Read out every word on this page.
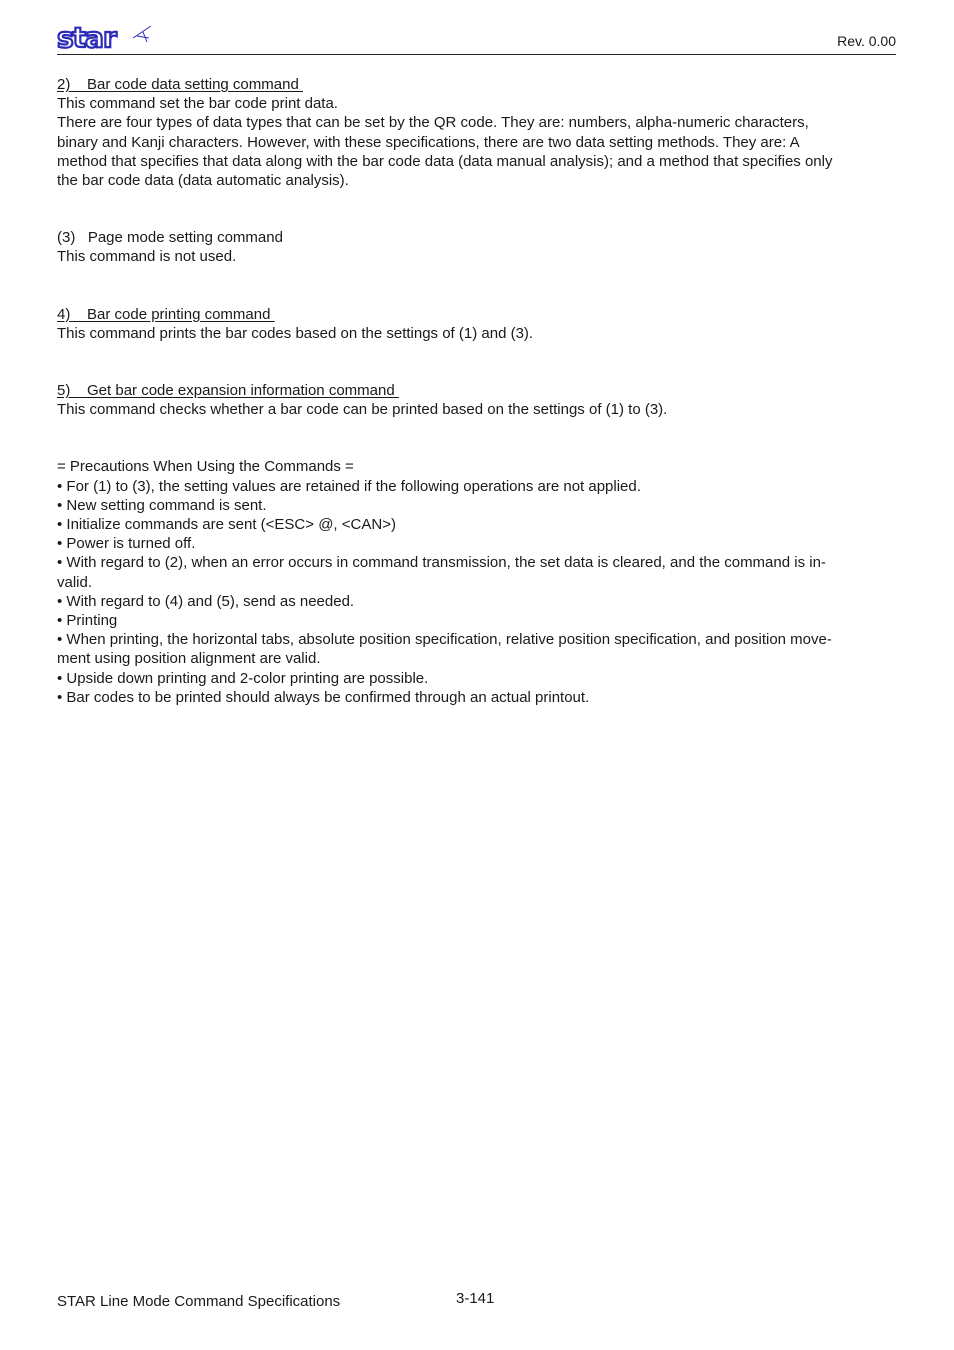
star	Rev. 0.00

2)    Bar code data setting command

This command set the bar code print data.

There are four types of data types that can be set by the QR code. They are: numbers, alpha-numeric characters,

binary and Kanji characters. However, with these specifications, there are two data setting methods. They are: A

method that specifies that data along with the bar code data (data manual analysis); and a method that specifies only

the bar code data (data automatic analysis).

(3)   Page mode setting command

This command is not used.

4)    Bar code printing command

This command prints the bar codes based on the settings of (1) and (3).

5)    Get bar code expansion information command

This command checks whether a bar code can be printed based on the settings of (1) to (3).

= Precautions When Using the Commands =

• For (1) to (3), the setting values are retained if the following operations are not applied.

• New setting command is sent.

• Initialize commands are sent (<ESC> @, <CAN>)

• Power is turned off.

• With regard to (2), when an error occurs in command transmission, the set data is cleared, and the command is in-

valid.

• With regard to (4) and (5), send as needed.

• Printing

• When printing, the horizontal tabs, absolute position specification, relative position specification, and position move-

ment using position alignment are valid.

• Upside down printing and 2-color printing are possible.

• Bar codes to be printed should always be confirmed through an actual printout.

STAR Line Mode Command Specifications	3-141
